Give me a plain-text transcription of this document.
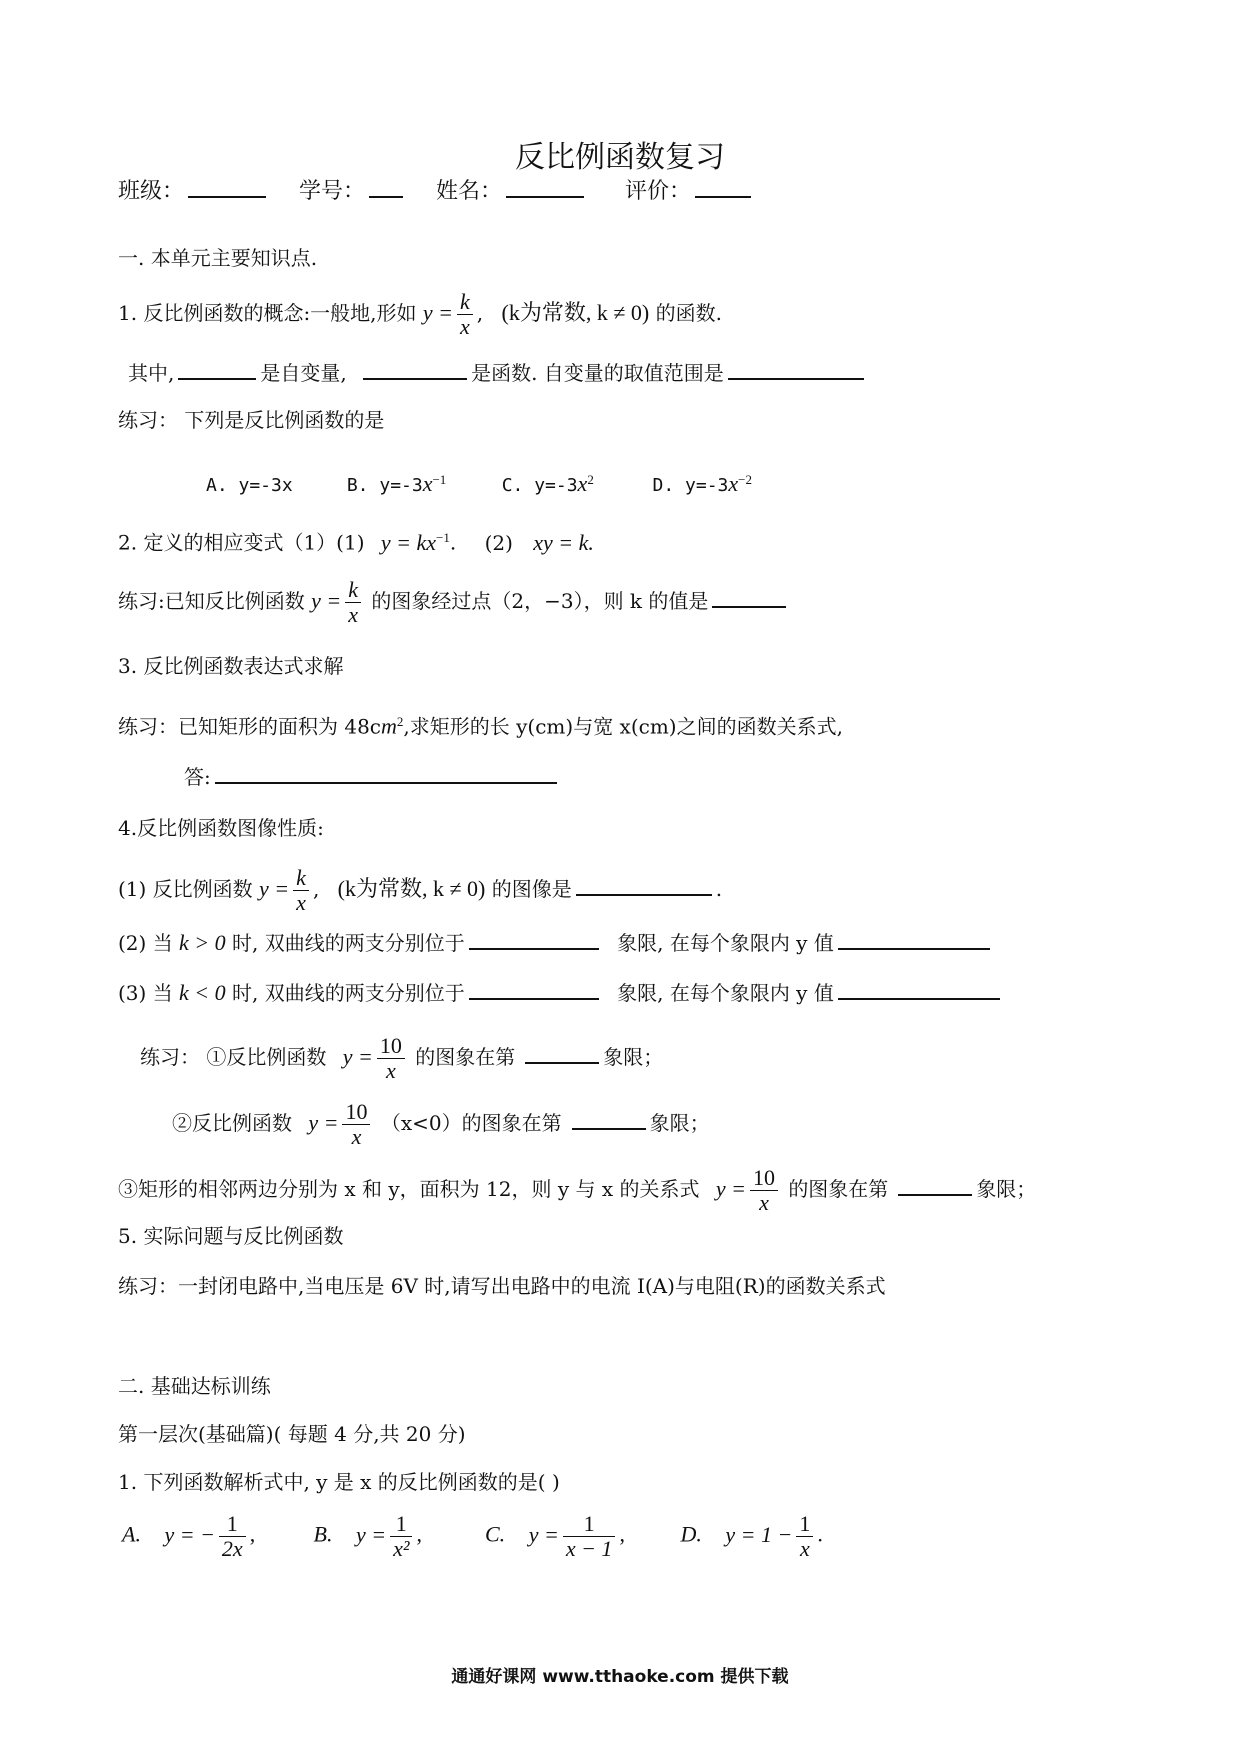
反比例函数复习
班级：	学号：	姓名：	评价：
一. 本单元主要知识点.
1. 反比例函数的概念:一般地,形如 $y = \frac{k}{x}$ , (k为常数, k ≠ 0) 的函数.
其中,	是自变量,	是函数. 自变量的取值范围是
练习： 下列是反比例函数的是
A. y=-3x	B. $y=-3x^{-1}$	C. $y=-3x^2$	D. $y=-3x^{-2}$
2. 定义的相应变式（1）(1) $y = kx^{-1}$. (2) xy = k.
练习:已知反比例函数 $y = \frac{k}{x}$ 的图象经过点（2，−3），则 k 的值是
3. 反比例函数表达式求解
练习：已知矩形的面积为 $48cm^2$,求矩形的长 y(cm)与宽 x(cm)之间的函数关系式,
答:
4.反比例函数图像性质:
(1) 反比例函数 $y = \frac{k}{x}$ , (k为常数, k ≠ 0) 的图像是	.
(2) 当 k > 0 时, 双曲线的两支分别位于	象限, 在每个象限内 y 值
(3) 当 k < 0 时, 双曲线的两支分别位于	象限, 在每个象限内 y 值
练习： ①反比例函数 $y = \frac{10}{x}$ 的图象在第	象限；
②反比例函数 $y = \frac{10}{x} (x<0)$的图象在第	象限；
③矩形的相邻两边分别为 x 和 y，面积为 12，则 y 与 x 的关系式 $y = \frac{10}{x}$ 的图象在第	象限；
5. 实际问题与反比例函数
练习：一封闭电路中,当电压是 6V 时,请写出电路中的电流 I(A)与电阻(R)的函数关系式
二. 基础达标训练
第一层次(基础篇)( 每题 4 分,共 20 分)
1. 下列函数解析式中, y 是 x 的反比例函数的是( )
A. y = − $\frac{1}{2x}$ ,	B. $y = \frac{1}{\text{x²}}$ ,	C. $y = \frac{1}{x - 1}$ ,	D. $y = 1 - \frac{1}{x}$ .
通通好课网 www.tthaoke.com 提供下载
